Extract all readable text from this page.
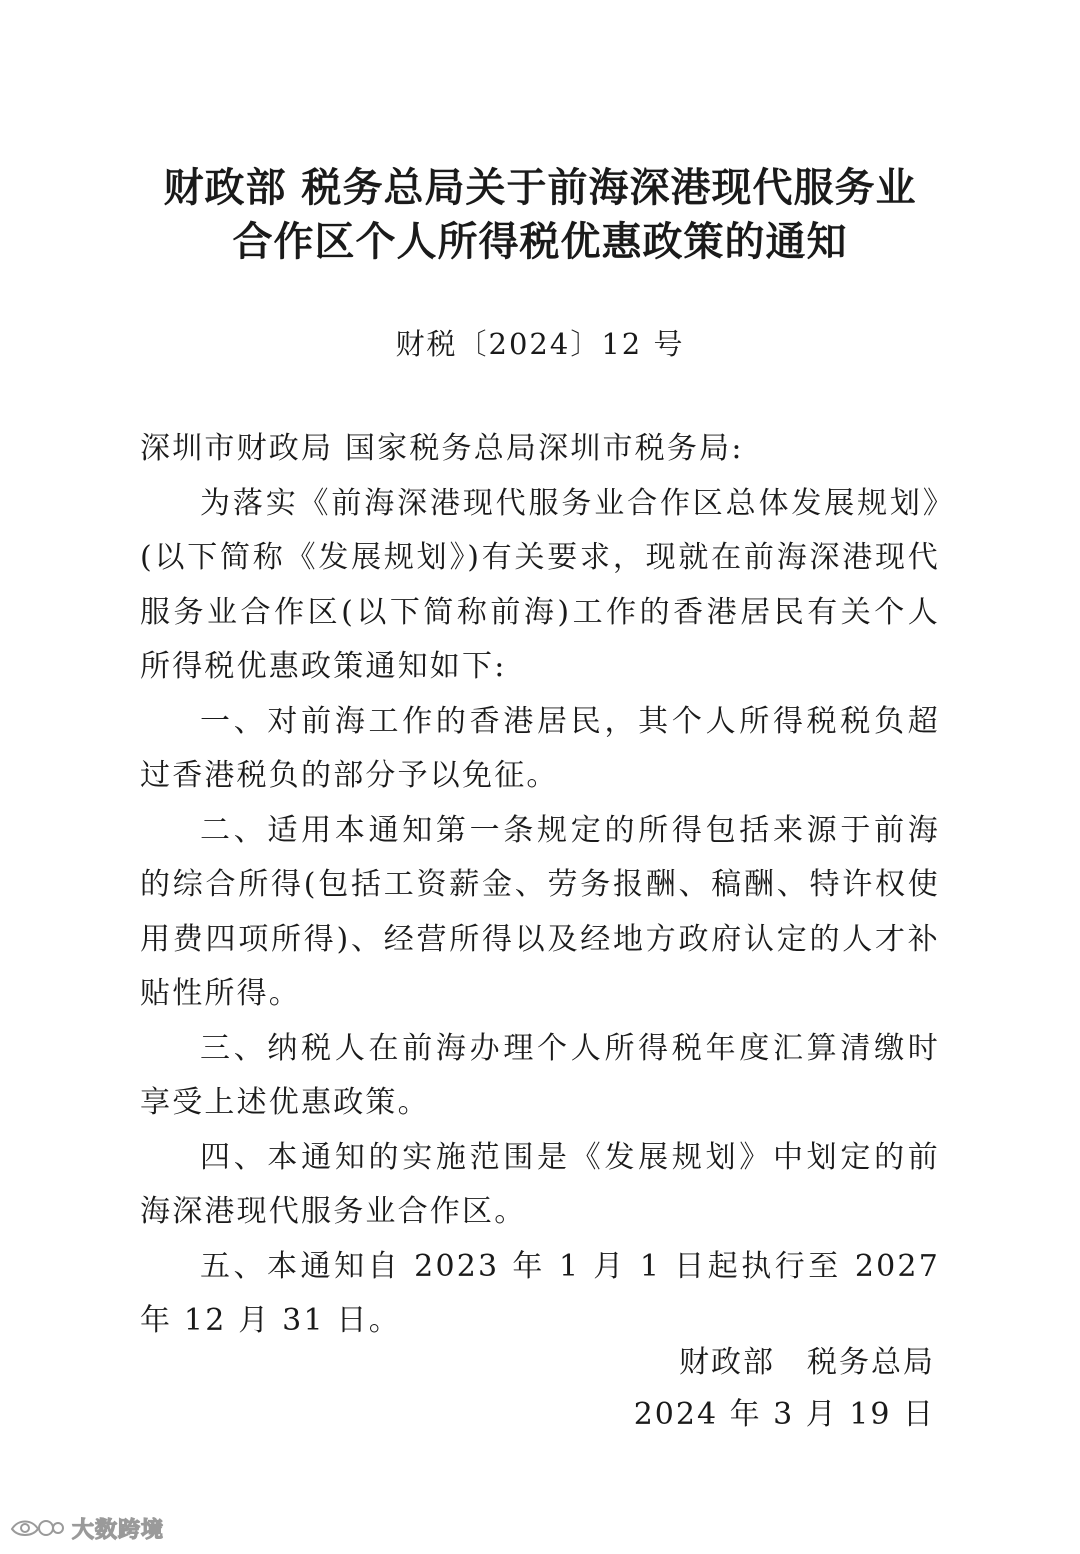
财政部 税务总局关于前海深港现代服务业
合作区个人所得税优惠政策的通知
财税〔2024〕12 号

深圳市财政局 国家税务总局深圳市税务局:

为落实《前海深港现代服务业合作区总体发展规划》(以下简称《发展规划》)有关要求，现就在前海深港现代服务业合作区(以下简称前海)工作的香港居民有关个人所得税优惠政策通知如下:

一、对前海工作的香港居民，其个人所得税税负超过香港税负的部分予以免征。

二、适用本通知第一条规定的所得包括来源于前海的综合所得(包括工资薪金、劳务报酬、稿酬、特许权使用费四项所得)、经营所得以及经地方政府认定的人才补贴性所得。

三、纳税人在前海办理个人所得税年度汇算清缴时享受上述优惠政策。

四、本通知的实施范围是《发展规划》中划定的前海深港现代服务业合作区。

五、本通知自 2023 年 1 月 1 日起执行至 2027 年 12 月 31 日。

财政部　税务总局
2024 年 3 月 19 日
大数跨境
